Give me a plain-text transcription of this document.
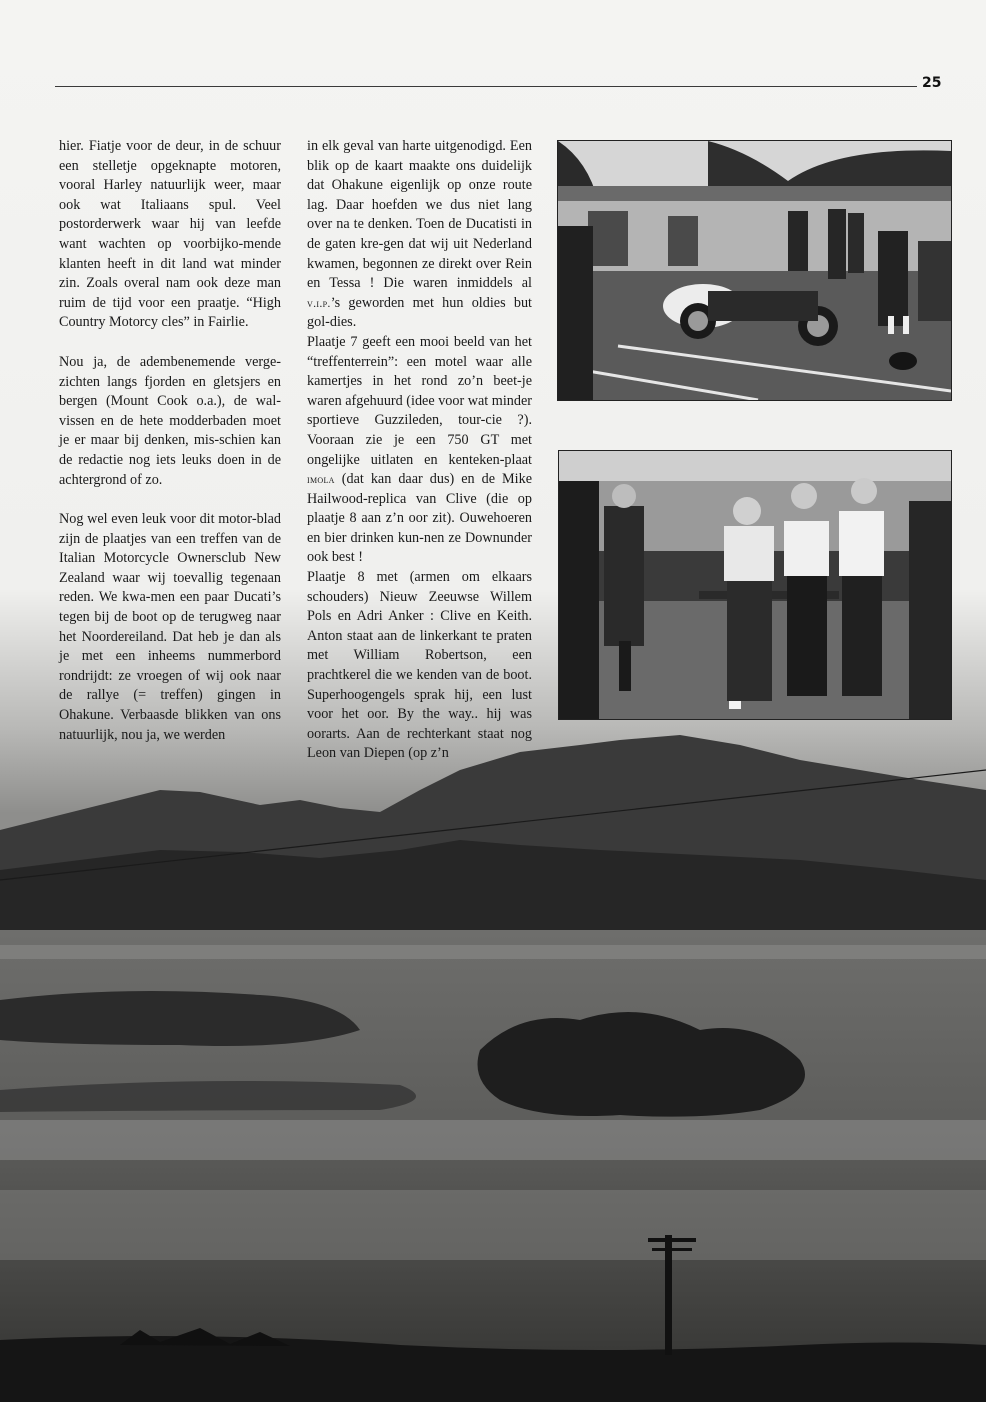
25

hier. Fiatje voor de deur, in de schuur een stelletje opgeknapte motoren, vooral Harley natuurlijk weer, maar ook wat Italiaans spul. Veel postorderwerk waar hij van leefde want wachten op voorbijko-mende klanten heeft in dit land wat minder zin. Zoals overal nam ook deze man ruim de tijd voor een praatje. “High Country Motorcy cles” in Fairlie.

Nou ja, de adembenemende verge-zichten langs fjorden en gletsjers en bergen (Mount Cook o.a.), de wal-vissen en de hete modderbaden moet je er maar bij denken, mis-schien kan de redactie nog iets leuks doen in de achtergrond of zo.

Nog wel even leuk voor dit motor-blad zijn de plaatjes van een treffen van de Italian Motorcycle Ownersclub New Zealand waar wij toevallig tegenaan reden. We kwa-men een paar Ducati’s tegen bij de boot op de terugweg naar het Noordereiland. Dat heb je dan als je met een inheems nummerbord rondrijdt: ze vroegen of wij ook naar de rallye (= treffen) gingen in Ohakune. Verbaasde blikken van ons natuurlijk, nou ja, we werden

in elk geval van harte uitgenodigd. Een blik op de kaart maakte ons duidelijk dat Ohakune eigenlijk op onze route lag. Daar hoefden we dus niet lang over na te denken. Toen de Ducatisti in de gaten kre-gen dat wij uit Nederland kwamen, begonnen ze direkt over Rein en Tessa ! Die waren inmiddels al v.i.p.’s geworden met hun oldies but gol-dies.

Plaatje 7 geeft een mooi beeld van het “treffenterrein”: een motel waar alle kamertjes in het rond zo’n beet-je waren afgehuurd (idee voor wat minder sportieve Guzzileden, tour-cie ?). Vooraan zie je een 750 GT met ongelijke uitlaten en kenteken-plaat imola (dat kan daar dus) en de Mike Hailwood-replica van Clive (die op plaatje 8 aan z’n oor zit). Ouwehoeren en bier drinken kun-nen ze Downunder ook best !

Plaatje 8 met (armen om elkaars schouders) Nieuw Zeeuwse Willem Pols en Adri Anker : Clive en Keith. Anton staat aan de linkerkant te praten met William Robertson, een prachtkerel die we kenden van de boot. Superhoogengels sprak hij, een lust voor het oor. By the way.. hij was oorarts. Aan de rechterkant staat nog Leon van Diepen (op z’n
